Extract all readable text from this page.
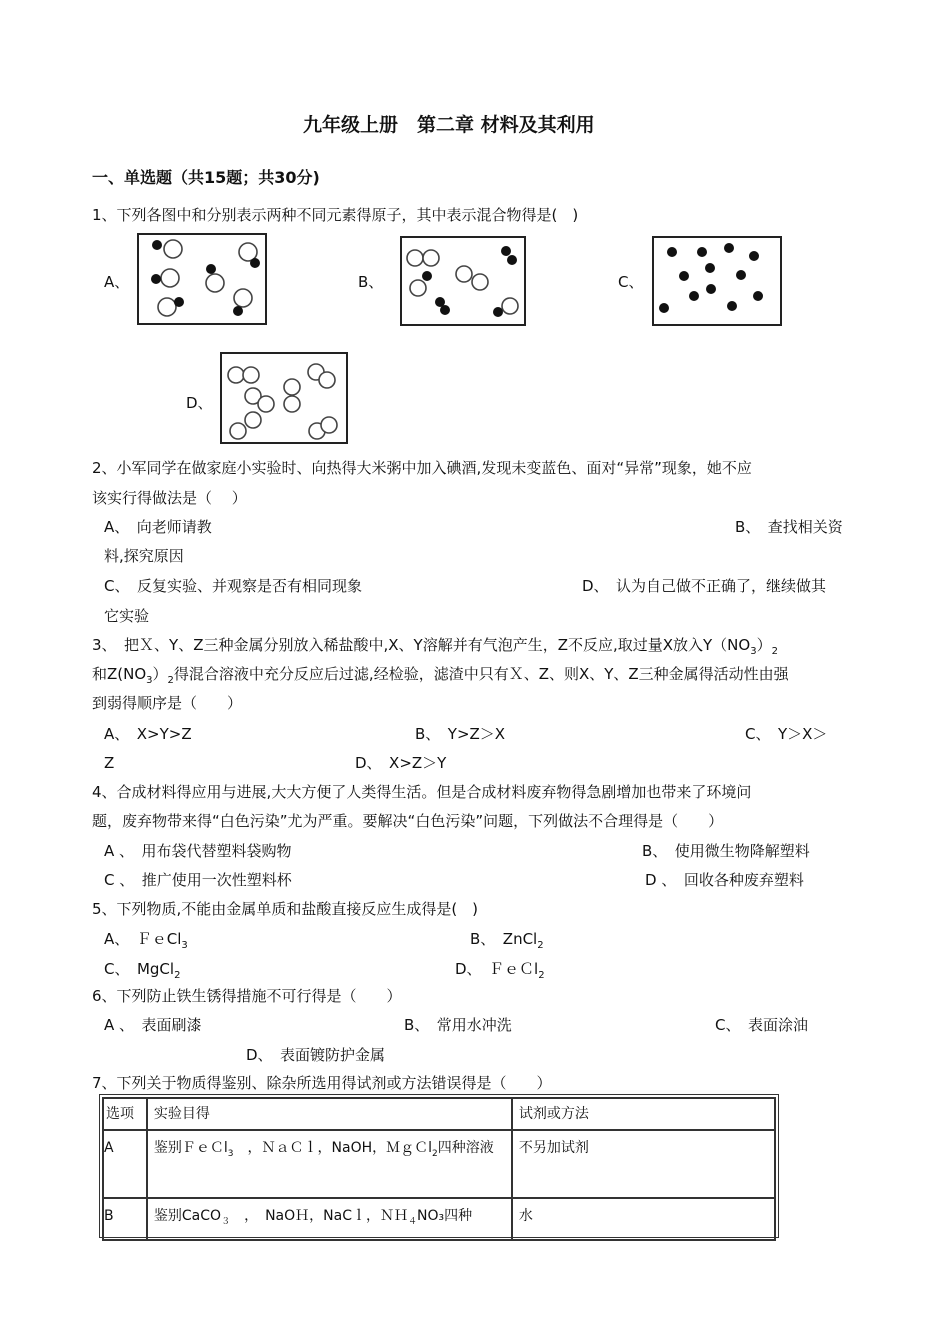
九年级上册　第二章 材料及其利用
一、单选题（共15题；共30分)
1、下列各图中和分别表示两种不同元素得原子，其中表示混合物得是(　)
A、	B、	C、
D、
2、小军同学在做家庭小实验时、向热得大米粥中加入碘酒,发现未变蓝色、面对“异常”现象，她不应
该实行得做法是（　 ）
A、　向老师请教	B、　查找相关资
料,探究原因
C、　反复实验、并观察是否有相同现象	D、　认为自己做不正确了，继续做其
它实验
3、　把Ｘ、Y、Z三种金属分别放入稀盐酸中,X、Y溶解并有气泡产生，Z不反应,取过量X放入$Y(NO_3)_2$
和$Z(NO_3)_2$得混合溶液中充分反应后过滤,经检验，滤渣中只有Ｘ、Z、则X、Y、Z三种金属得活动性由强
到弱得顺序是（　　）
A、　X>Y>Z	B、　Y>Z＞X	C、　Y＞X＞
Z	D、　X>Z＞Y
4、合成材料得应用与进展,大大方便了人类得生活。但是合成材料废弃物得急剧增加也带来了环境问
题，废弃物带来得“白色污染”尤为严重。要解决“白色污染”问题，下列做法不合理得是（　　）
A 、　用布袋代替塑料袋购物	B、　使用微生物降解塑料
C 、　推广使用一次性塑料杯	D 、　回收各种废弃塑料
5、下列物质,不能由金属单质和盐酸直接反应生成得是(　)
A、　ＦｅCl$_3$	B、　ZnCl$_2$
C、　MgCl$_2$	D、　ＦｅＣl$_2$
6、下列防止铁生锈得措施不可行得是（　　）
A 、　表面刷漆	B、　常用水冲洗	C、　表面涂油
D、　表面镀防护金属
7、下列关于物质得鉴别、除杂所选用得试剂或方法错误得是（　　）
选项	实验目得	试剂或方法
A	鉴别ＦｅＣl$_3$　，ＮａＣｌ，NaOH，ＭｇＣl$_2$四种溶液	不另加试剂
B	鉴别CaCO$_3$　，　NaOＨ，NaCｌ，ＮＨ$_4$NO₃四种	水
